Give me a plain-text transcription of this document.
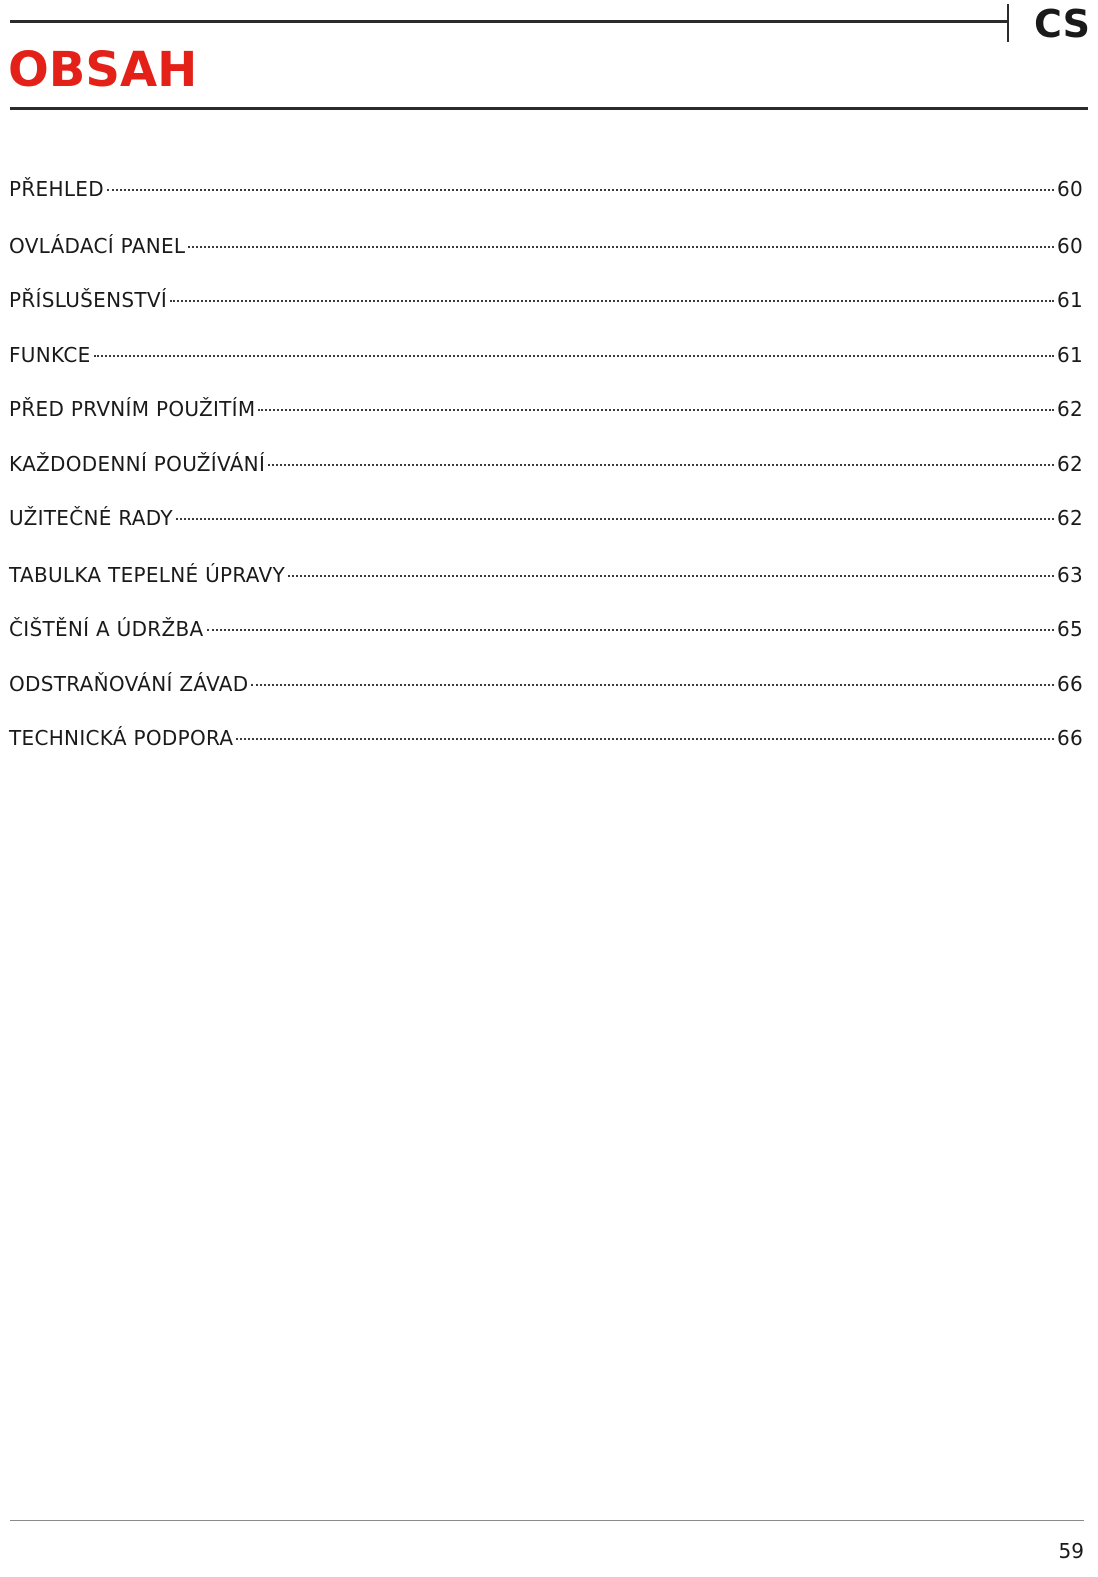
CS
OBSAH
PŘEHLED	60
OVLÁDACÍ PANEL	60
PŘÍSLUŠENSTVÍ	61
FUNKCE	61
PŘED PRVNÍM POUŽITÍM	62
KAŽDODENNÍ POUŽÍVÁNÍ	62
UŽITEČNÉ RADY	62
TABULKA TEPELNÉ ÚPRAVY	63
ČIŠTĚNÍ A ÚDRŽBA	65
ODSTRAŇOVÁNÍ ZÁVAD	66
TECHNICKÁ PODPORA	66
59
